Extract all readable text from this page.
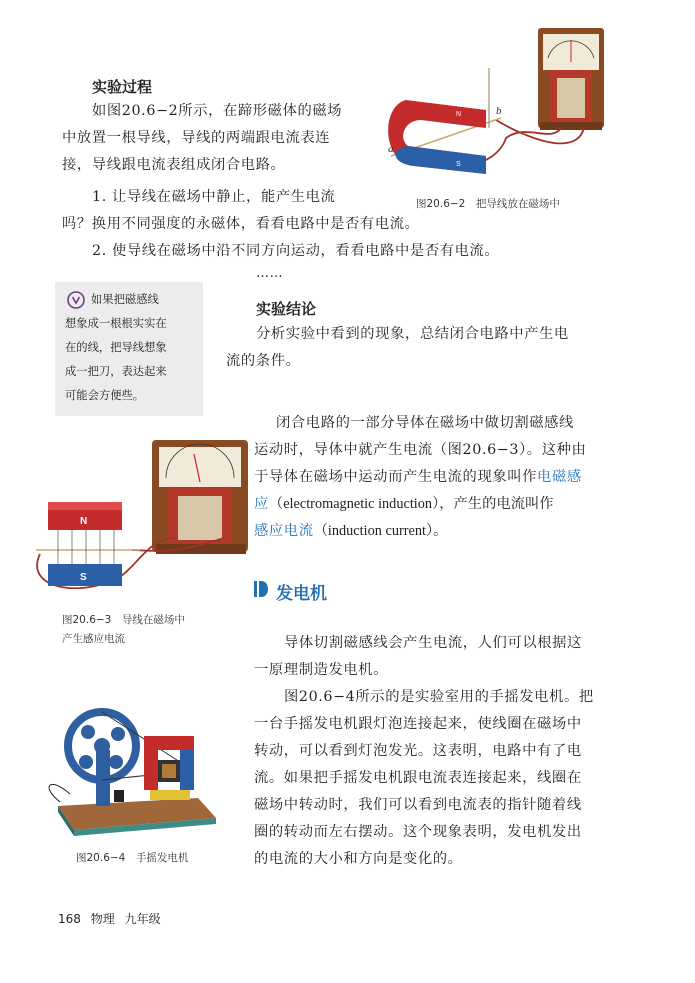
实验过程
如图20.6−2所示，在蹄形磁体的磁场
中放置一根导线，导线的两端跟电流表连
接，导线跟电流表组成闭合电路。
1. 让导线在磁场中静止，能产生电流
吗？换用不同强度的永磁体，看看电路中是否有电流。
2. 使导线在磁场中沿不同方向运动，看看电路中是否有电流。
……
N
S
a
b
图20.6−2　把导线放在磁场中
如果把磁感线
想象成一根根实实在
在的线，把导线想象
成一把刀，表达起来
可能会方便些。
实验结论
分析实验中看到的现象，总结闭合电路中产生电
流的条件。
闭合电路的一部分导体在磁场中做切割磁感线
运动时，导体中就产生电流（图20.6−3）。这种由
于导体在磁场中运动而产生电流的现象叫作电磁感
应（electromagnetic induction），产生的电流叫作
感应电流（induction current）。
N
S
图20.6−3　导线在磁场中
产生感应电流
发电机
导体切割磁感线会产生电流，人们可以根据这
一原理制造发电机。
图20.6−4所示的是实验室用的手摇发电机。把
一台手摇发电机跟灯泡连接起来，使线圈在磁场中
转动，可以看到灯泡发光。这表明，电路中有了电
流。如果把手摇发电机跟电流表连接起来，线圈在
磁场中转动时，我们可以看到电流表的指针随着线
圈的转动而左右摆动。这个现象表明，发电机发出
的电流的大小和方向是变化的。
图20.6−4　手摇发电机
168 物理 九年级
